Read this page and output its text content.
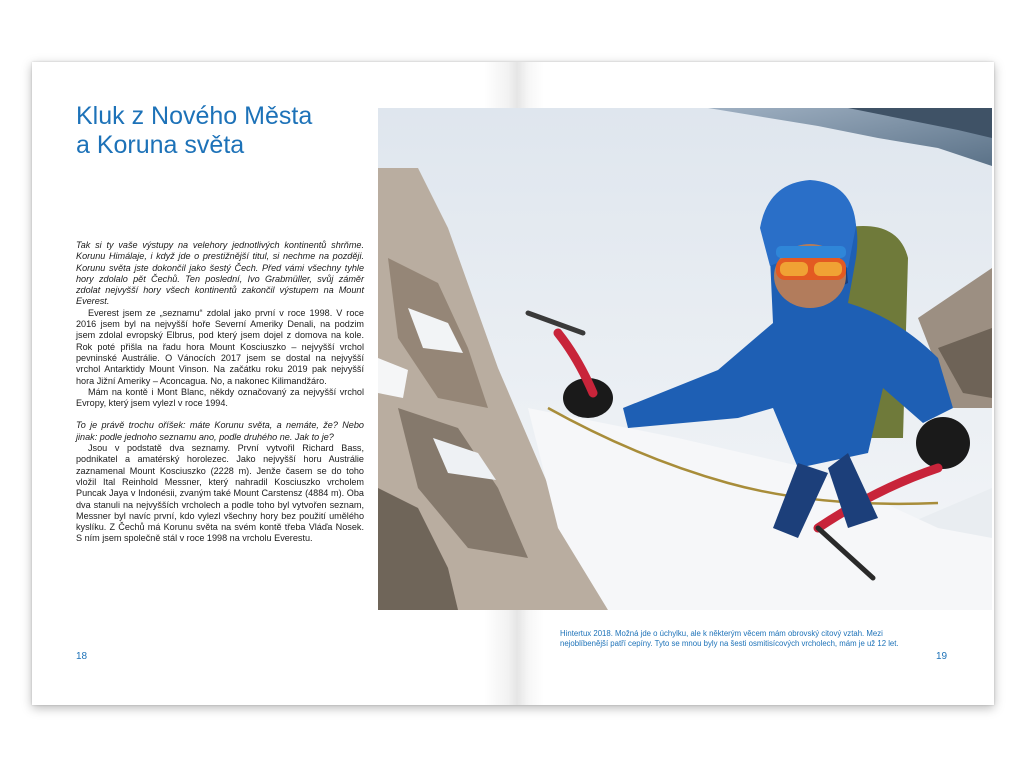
Kluk z Nového Města
a Koruna světa

Tak si ty vaše výstupy na velehory jednotlivých kontinentů shrňme. Korunu Himálaje, i když jde o prestižnější titul, si nechme na později. Korunu světa jste dokončil jako šestý Čech. Před vámi všechny tyhle hory zdolalo pět Čechů. Ten poslední, Ivo Grabmüller, svůj záměr zdolat nejvyšší hory všech kontinentů zakončil výstupem na Mount Everest.

Everest jsem ze „seznamu“ zdolal jako první v roce 1998. V roce 2016 jsem byl na nejvyšší hoře Severní Ameriky Denali, na podzim jsem zdolal evropský Elbrus, pod který jsem dojel z domova na kole. Rok poté přišla na řadu hora Mount Kosciuszko – nejvyšší vrchol pevninské Austrálie. O Vánocích 2017 jsem se dostal na nejvyšší vrchol Antarktidy Mount Vinson. Na začátku roku 2019 pak nejvyšší hora Jižní Ameriky – Aconcagua. No, a nakonec Kilimandžáro.

Mám na kontě i Mont Blanc, někdy označovaný za nejvyšší vrchol Evropy, který jsem vylezl v roce 1994.

To je právě trochu oříšek: máte Korunu světa, a nemáte, že? Nebo jinak: podle jednoho seznamu ano, podle druhého ne. Jak to je?

Jsou v podstatě dva seznamy. První vytvořil Richard Bass, podnikatel a amatérský horolezec. Jako nejvyšší horu Austrálie zaznamenal Mount Kosciuszko (2228 m). Jenže časem se do toho vložil Ital Reinhold Messner, který nahradil Kosciuszko vrcholem Puncak Jaya v Indonésii, zvaným také Mount Carstensz (4884 m). Oba dva stanuli na nejvyšších vrcholech a podle toho byl vytvořen seznam, Messner byl navíc první, kdo vylezl všechny hory bez použití umělého kyslíku. Z Čechů má Korunu světa na svém kontě třeba Vláďa Nosek. S ním jsem společně stál v roce 1998 na vrcholu Everestu.

18
Hintertux 2018. Možná jde o úchylku, ale k některým věcem mám obrovský citový vztah. Mezi nejoblíbenější patří cepíny. Tyto se mnou byly na šesti osmitisícových vrcholech, mám je už 12 let.
19
